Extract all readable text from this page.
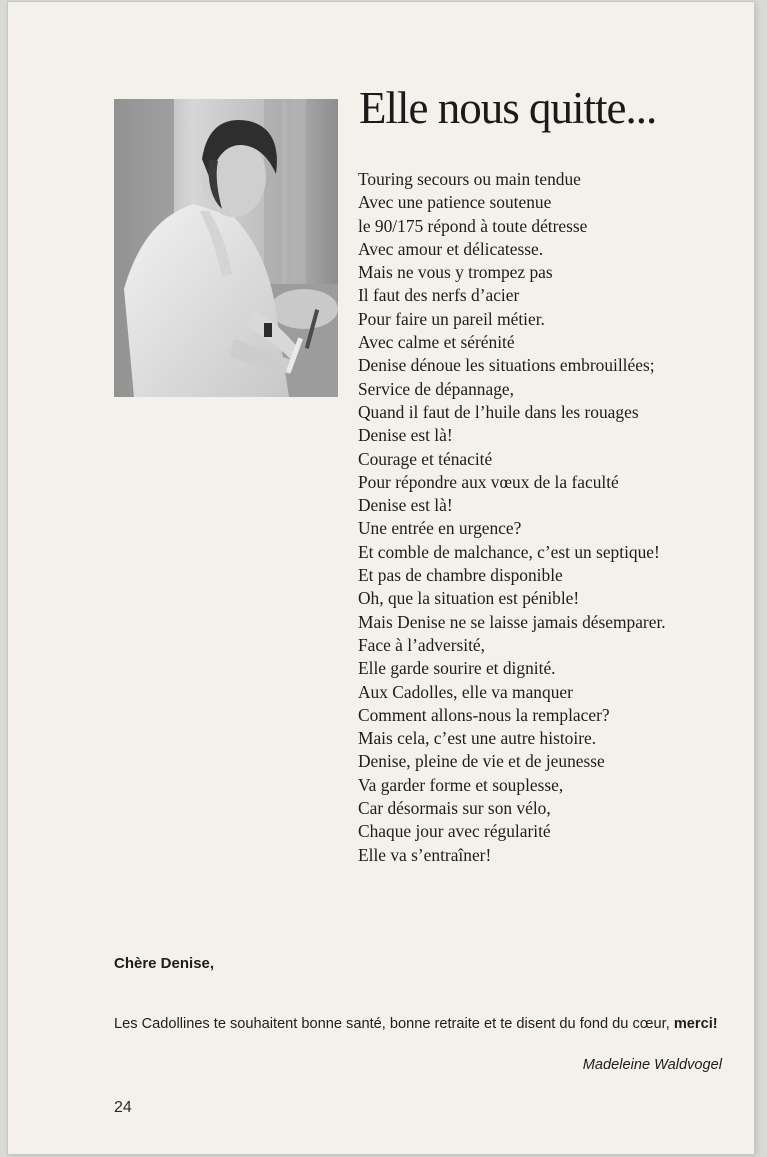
Elle nous quitte...
Touring secours ou main tendue
Avec une patience soutenue
le 90/175 répond à toute détresse
Avec amour et délicatesse.
Mais ne vous y trompez pas
Il faut des nerfs d’acier
Pour faire un pareil métier.
Avec calme et sérénité
Denise dénoue les situations embrouillées;
Service de dépannage,
Quand il faut de l’huile dans les rouages
Denise est là!
Courage et ténacité
Pour répondre aux vœux de la faculté
Denise est là!
Une entrée en urgence?
Et comble de malchance, c’est un septique!
Et pas de chambre disponible
Oh, que la situation est pénible!
Mais Denise ne se laisse jamais désemparer.
Face à l’adversité,
Elle garde sourire et dignité.
Aux Cadolles, elle va manquer
Comment allons-nous la remplacer?
Mais cela, c’est une autre histoire.
Denise, pleine de vie et de jeunesse
Va garder forme et souplesse,
Car désormais sur son vélo,
Chaque jour avec régularité
Elle va s’entraîner!
Chère Denise,

Les Cadollines te souhaitent bonne santé, bonne retraite et te disent du fond du cœur, merci!

Madeleine Waldvogel
24
